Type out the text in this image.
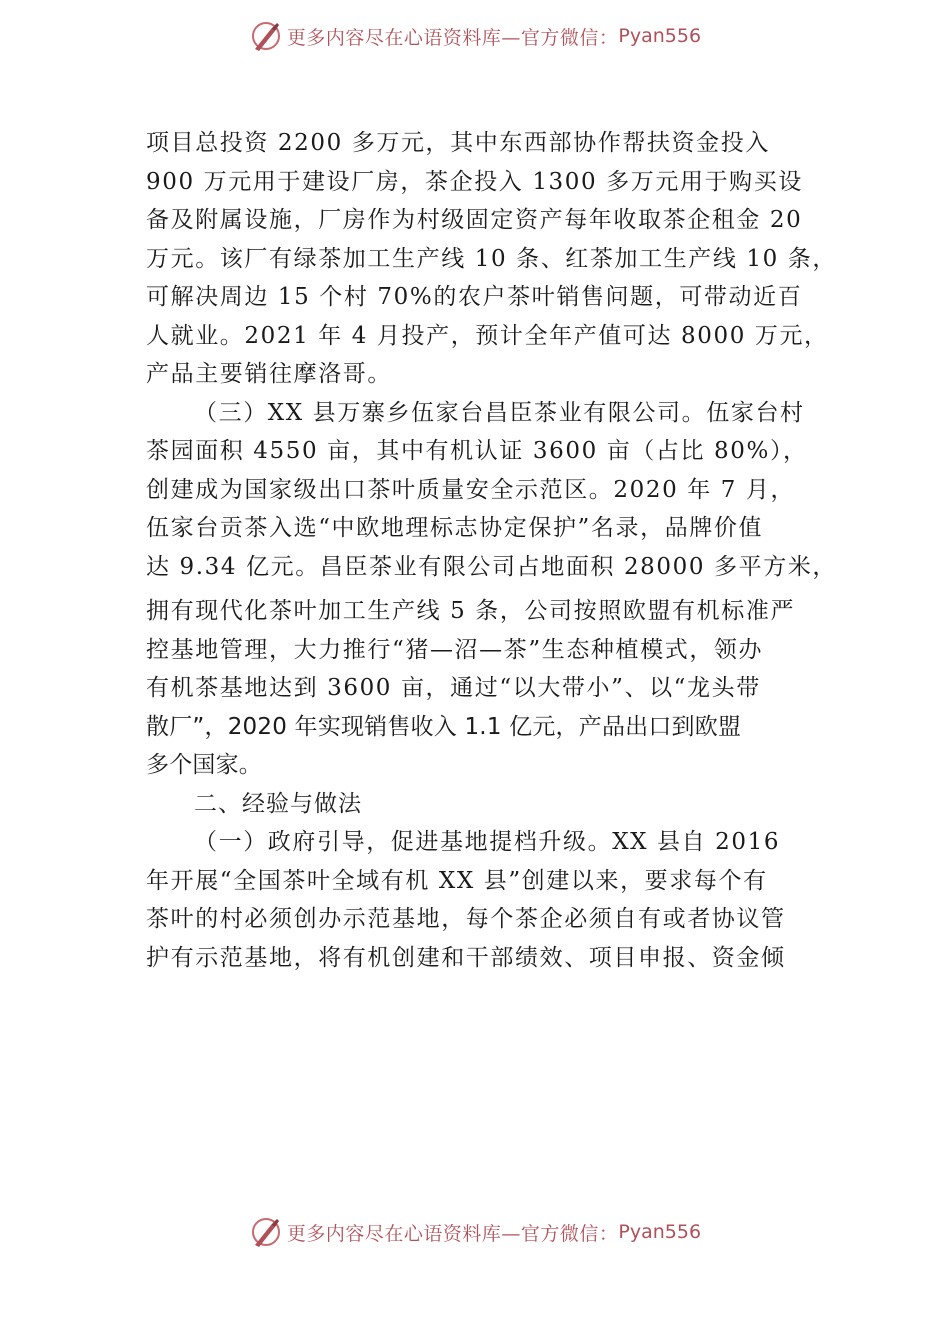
更多内容尽在心语资料库—官方微信： Pyan556
项目总投资 2200 多万元，其中东西部协作帮扶资金投入
900 万元用于建设厂房，茶企投入 1300 多万元用于购买设
备及附属设施，厂房作为村级固定资产每年收取茶企租金 20
万元。该厂有绿茶加工生产线 10 条、红茶加工生产线 10 条，
可解决周边 15 个村 70%的农户茶叶销售问题，可带动近百
人就业。2021 年 4 月投产，预计全年产值可达 8000 万元，
产品主要销往摩洛哥。
（三）XX 县万寨乡伍家台昌臣茶业有限公司。伍家台村
茶园面积 4550 亩，其中有机认证 3600 亩（占比 80%），
创建成为国家级出口茶叶质量安全示范区。2020 年 7 月，
伍家台贡茶入选“中欧地理标志协定保护”名录，品牌价值
达 9.34 亿元。昌臣茶业有限公司占地面积 28000 多平方米，
拥有现代化茶叶加工生产线 5 条，公司按照欧盟有机标准严
控基地管理，大力推行“猪—沼—茶”生态种植模式，领办
有机茶基地达到 3600 亩，通过“以大带小”、以“龙头带
散厂”，2020 年实现销售收入 1.1 亿元，产品出口到欧盟
多个国家。
二、经验与做法
（一）政府引导，促进基地提档升级。XX 县自 2016
年开展“全国茶叶全域有机 XX 县”创建以来，要求每个有
茶叶的村必须创办示范基地，每个茶企必须自有或者协议管
护有示范基地，将有机创建和干部绩效、项目申报、资金倾
更多内容尽在心语资料库—官方微信： Pyan556
